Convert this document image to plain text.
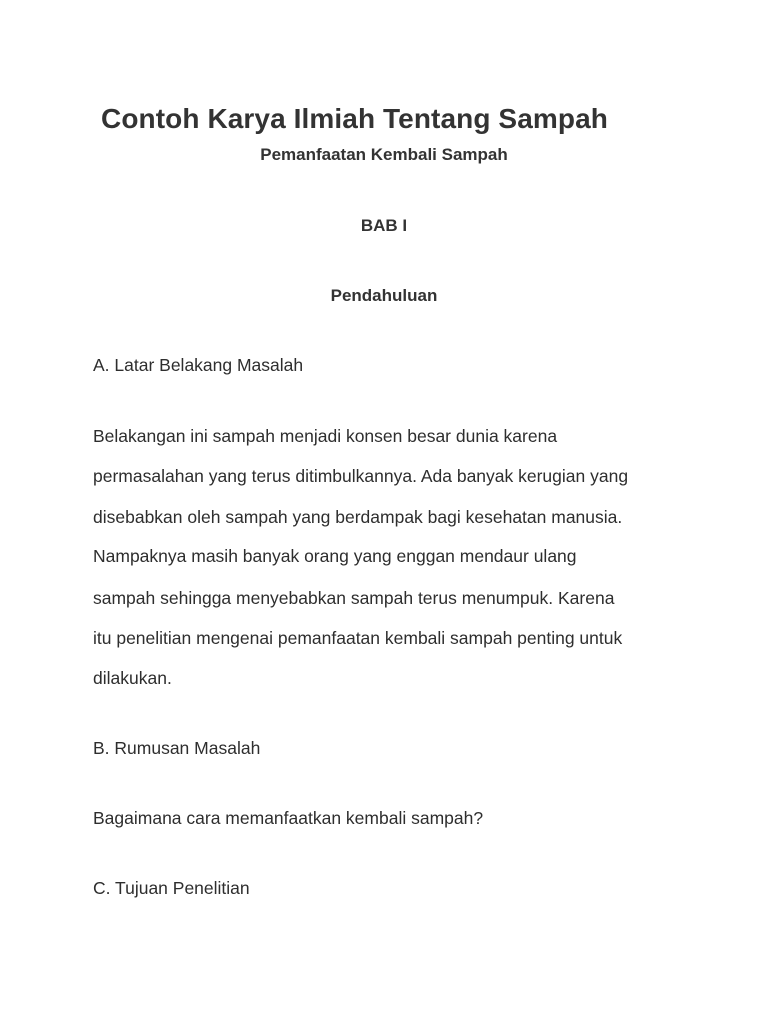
Contoh Karya Ilmiah Tentang Sampah

Pemanfaatan Kembali Sampah

BAB I

Pendahuluan

A. Latar Belakang Masalah

Belakangan ini sampah menjadi konsen besar dunia karena

permasalahan yang terus ditimbulkannya. Ada banyak kerugian yang

disebabkan oleh sampah yang berdampak bagi kesehatan manusia.

Nampaknya masih banyak orang yang enggan mendaur ulang

sampah sehingga menyebabkan sampah terus menumpuk. Karena

itu penelitian mengenai pemanfaatan kembali sampah penting untuk

dilakukan.

B. Rumusan Masalah

Bagaimana cara memanfaatkan kembali sampah?

C. Tujuan Penelitian
